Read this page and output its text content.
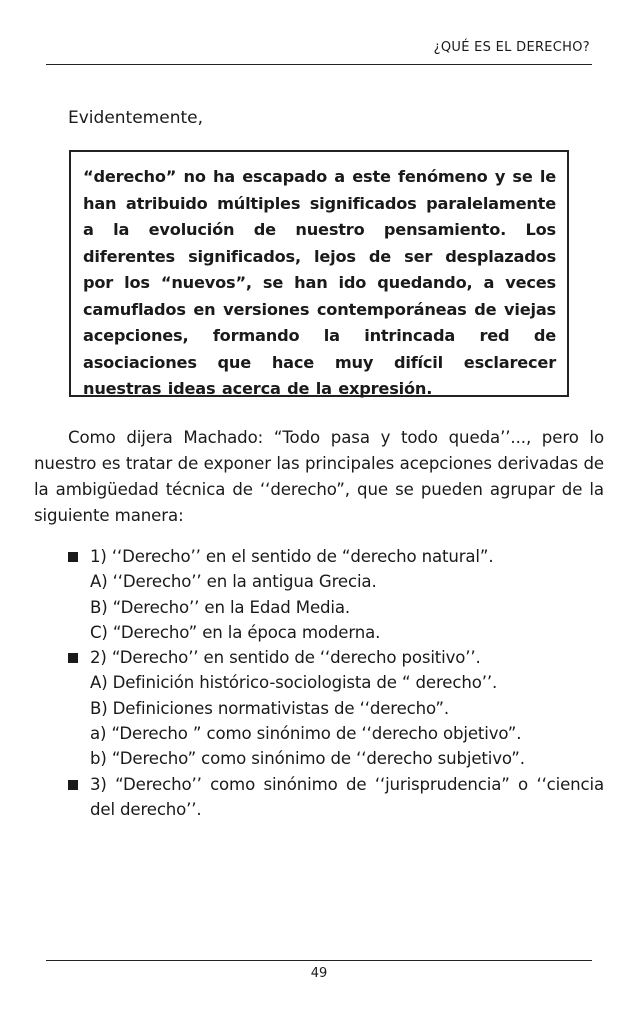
¿QUÉ ES EL DERECHO?
Evidentemente,
“derecho” no ha escapado a este fenómeno y se le han atribuido múltiples significados paralelamente a la evolución de nuestro pensamiento. Los diferentes significados, lejos de ser desplazados por los “nuevos”, se han ido quedando, a veces camuflados en versiones contemporáneas de viejas acepciones, formando la intrincada red de asociaciones que hace muy difícil esclarecer nuestras ideas acerca de la expresión.
Como dijera Machado: “Todo pasa y todo queda’’..., pero lo nuestro es tratar de exponer las principales acepciones derivadas de la ambigüedad técnica de ‘‘derecho”, que se pueden agrupar de la siguiente manera:
1) ‘‘Derecho’’ en el sentido de “derecho natural”.
A) ‘‘Derecho’’ en la antigua Grecia.
B) “Derecho’’ en la Edad Media.
C) “Derecho” en la época moderna.
2) “Derecho’’ en sentido de ‘‘derecho positivo’’.
A) Definición histórico-sociologista de “ derecho’’.
B) Definiciones normativistas de ‘‘derecho”.
a) “Derecho ” como sinónimo de ‘‘derecho objetivo”.
b) “Derecho” como sinónimo de ‘‘derecho subjetivo”.
3) “Derecho’’ como sinónimo de ‘‘jurisprudencia” o ‘‘ciencia del derecho’’.
49
